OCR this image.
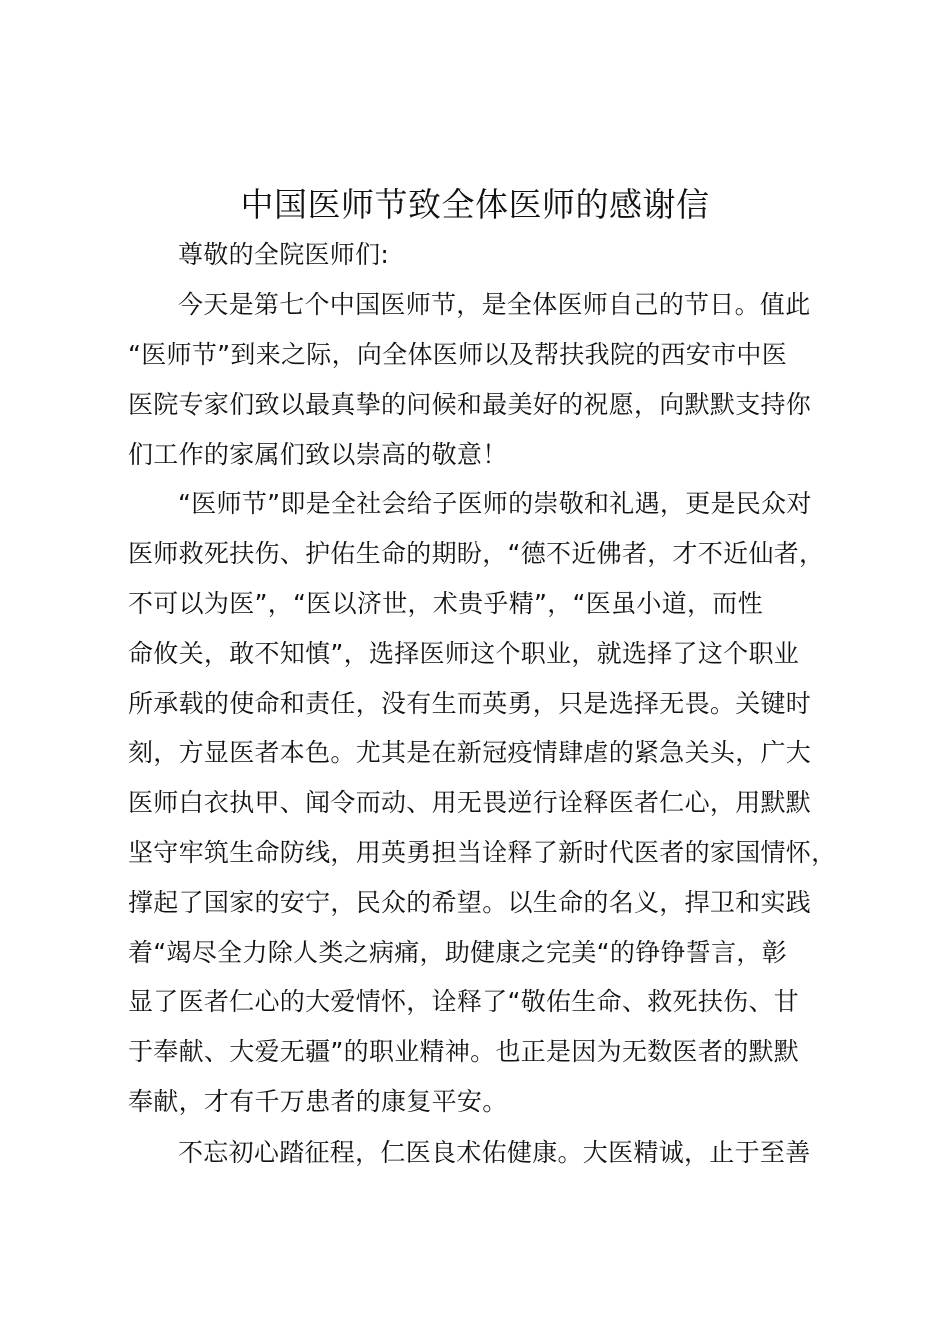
中国医师节致全体医师的感谢信
尊敬的全院医师们:
今天是第七个中国医师节，是全体医师自己的节日。值此
“医师节”到来之际，向全体医师以及帮扶我院的西安市中医
医院专家们致以最真挚的问候和最美好的祝愿，向默默支持你
们工作的家属们致以崇高的敬意！
“医师节”即是全社会给子医师的崇敬和礼遇，更是民众对
医师救死扶伤、护佑生命的期盼，“德不近佛者，才不近仙者，
不可以为医”，“医以济世，术贵乎精”，“医虽小道，而性
命攸关，敢不知慎”，选择医师这个职业，就选择了这个职业
所承载的使命和责任，没有生而英勇，只是选择无畏。关键时
刻，方显医者本色。尤其是在新冠疫情肆虐的紧急关头，广大
医师白衣执甲、闻令而动、用无畏逆行诠释医者仁心，用默默
坚守牢筑生命防线，用英勇担当诠释了新时代医者的家国情怀，
撑起了国家的安宁，民众的希望。以生命的名义，捍卫和实践
着“竭尽全力除人类之病痛，助健康之完美“的铮铮誓言，彰
显了医者仁心的大爱情怀，诠释了“敬佑生命、救死扶伤、甘
于奉献、大爱无疆”的职业精神。也正是因为无数医者的默默
奉献，才有千万患者的康复平安。
不忘初心踏征程，仁医良术佑健康。大医精诚，止于至善
